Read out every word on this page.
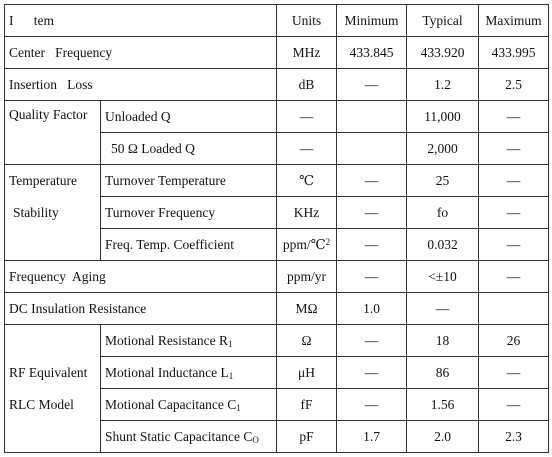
I      tem		Units	Minimum	Typical	Maximum
Center   Frequency		MHz	433.845	433.920	433.995
Insertion   Loss		dB	—	1.2	2.5
Quality Factor	Unloaded Q	—		11,000	—
	50 Ω Loaded Q	—		2,000	—

Temperature
Stability	Turnover Temperature	℃	—	25	—
	Turnover Frequency	KHz	—	fo	—
	Freq. Temp. Coefficient	ppm/℃$^2$	—	0.032	—
Frequency  Aging		ppm/yr	—	<±10	—
DC Insulation Resistance		MΩ	1.0	—	

RF Equivalent
RLC Model	Motional Resistance $R_1$	Ω	—	18	26
	Motional Inductance $L_1$	μH	—	86	—
	Motional Capacitance $C_1$	fF	—	1.56	—
	Shunt Static Capacitance $C_O$	pF	1.7	2.0	2.3
